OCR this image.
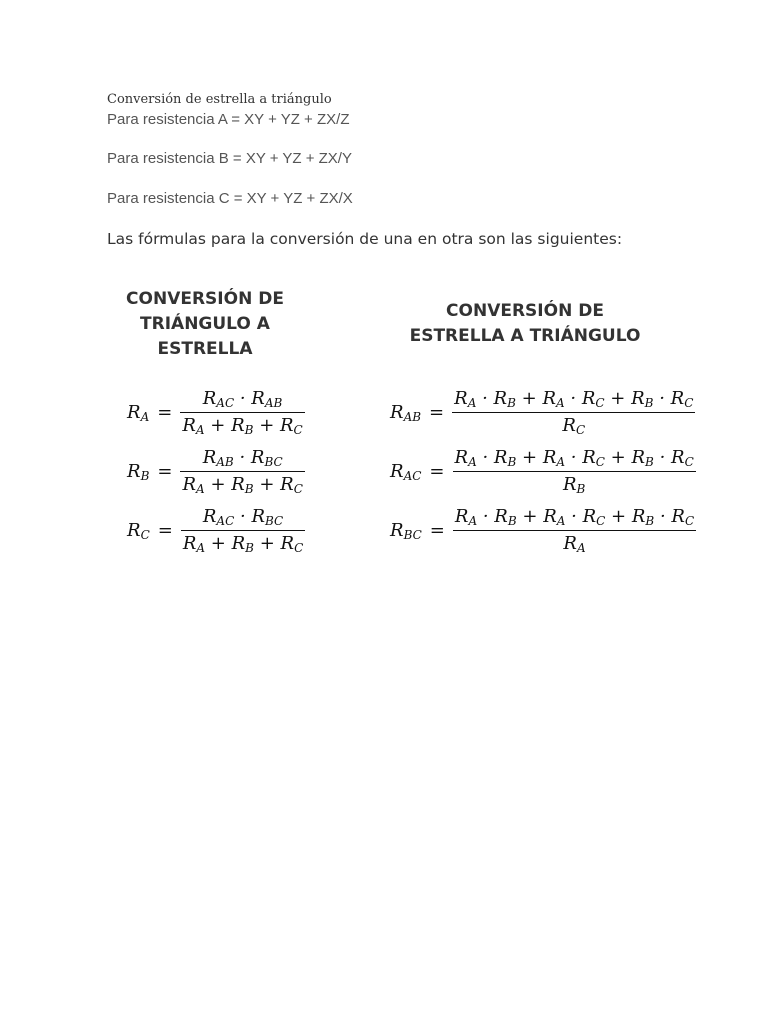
Conversión de estrella a triángulo
Para resistencia A = XY + YZ + ZX/Z
Para resistencia B = XY + YZ + ZX/Y
Para resistencia C = XY + YZ + ZX/X
Las fórmulas para la conversión de una en otra son las siguientes:
CONVERSIÓN DE
TRIÁNGULO A
ESTRELLA
$R_A = \frac{R_{AC} \cdot R_{AB}}{R_A + R_B + R_C}$
$R_B = \frac{R_{AB} \cdot R_{BC}}{R_A + R_B + R_C}$
$R_C = \frac{R_{AC} \cdot R_{BC}}{R_A + R_B + R_C}$
CONVERSIÓN DE
ESTRELLA A TRIÁNGULO
$R_{AB} = \frac{R_A \cdot R_B + R_A \cdot R_C + R_B \cdot R_C}{R_C}$
$R_{AC} = \frac{R_A \cdot R_B + R_A \cdot R_C + R_B \cdot R_C}{R_B}$
$R_{BC} = \frac{R_A \cdot R_B + R_A \cdot R_C + R_B \cdot R_C}{R_A}$
